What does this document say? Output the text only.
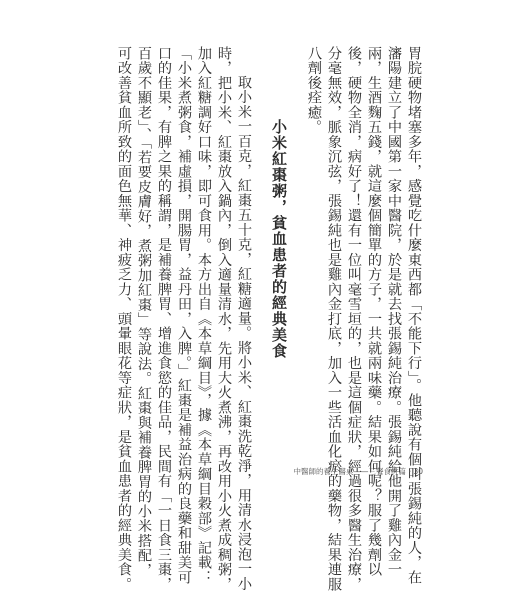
胃脘硬物堵塞多年，感覺吃什麼東西都「不能下行」。他聽說有個叫張錫純的人，在
瀋陽建立了中國第一家中醫院，於是就去找張錫純治療。張錫純給他開了雞內金一
兩，生酒麴五錢，就這麼個簡單的方子，一共就兩味藥。結果如何呢？服了幾劑以
後，硬物全消，病好了！還有一位叫毫雪垣的，也是這個症狀，經過很多醫生治療，
分毫無效，脈象沉弦，張錫純也是雞內金打底，加入一些活血化瘀的藥物，結果連服
八劑後痊癒。
小米紅棗粥，貧血患者的經典美食
取小米一百克，紅棗五十克，紅糖適量。將小米、紅棗洗乾淨，用清水浸泡一小
時，把小米、紅棗放入鍋內，倒入適量清水，先用大火煮沸，再改用小火煮成稠粥，
加入紅糖調好口味，即可食用。本方出自《本草綱目》，據《本草綱目穀部》記載：
「小米煮粥食，補虛損，開腸胃，益丹田，入脾。」紅棗是補益治病的良藥和甜美可
口的佳果，有脾之果的稱謂，是補養脾胃、增進食慾的佳品，民間有「一日食三棗，
百歲不顯老」、「若要皮膚好，煮粥加紅棗」等說法。紅棗與補養脾胃的小米搭配，
可改善貧血所致的面色無華、神疲乏力、頭暈眼花等症狀，是貧血患者的經典美食。	中醫師的養生醫桌——三餐食材篇・30
